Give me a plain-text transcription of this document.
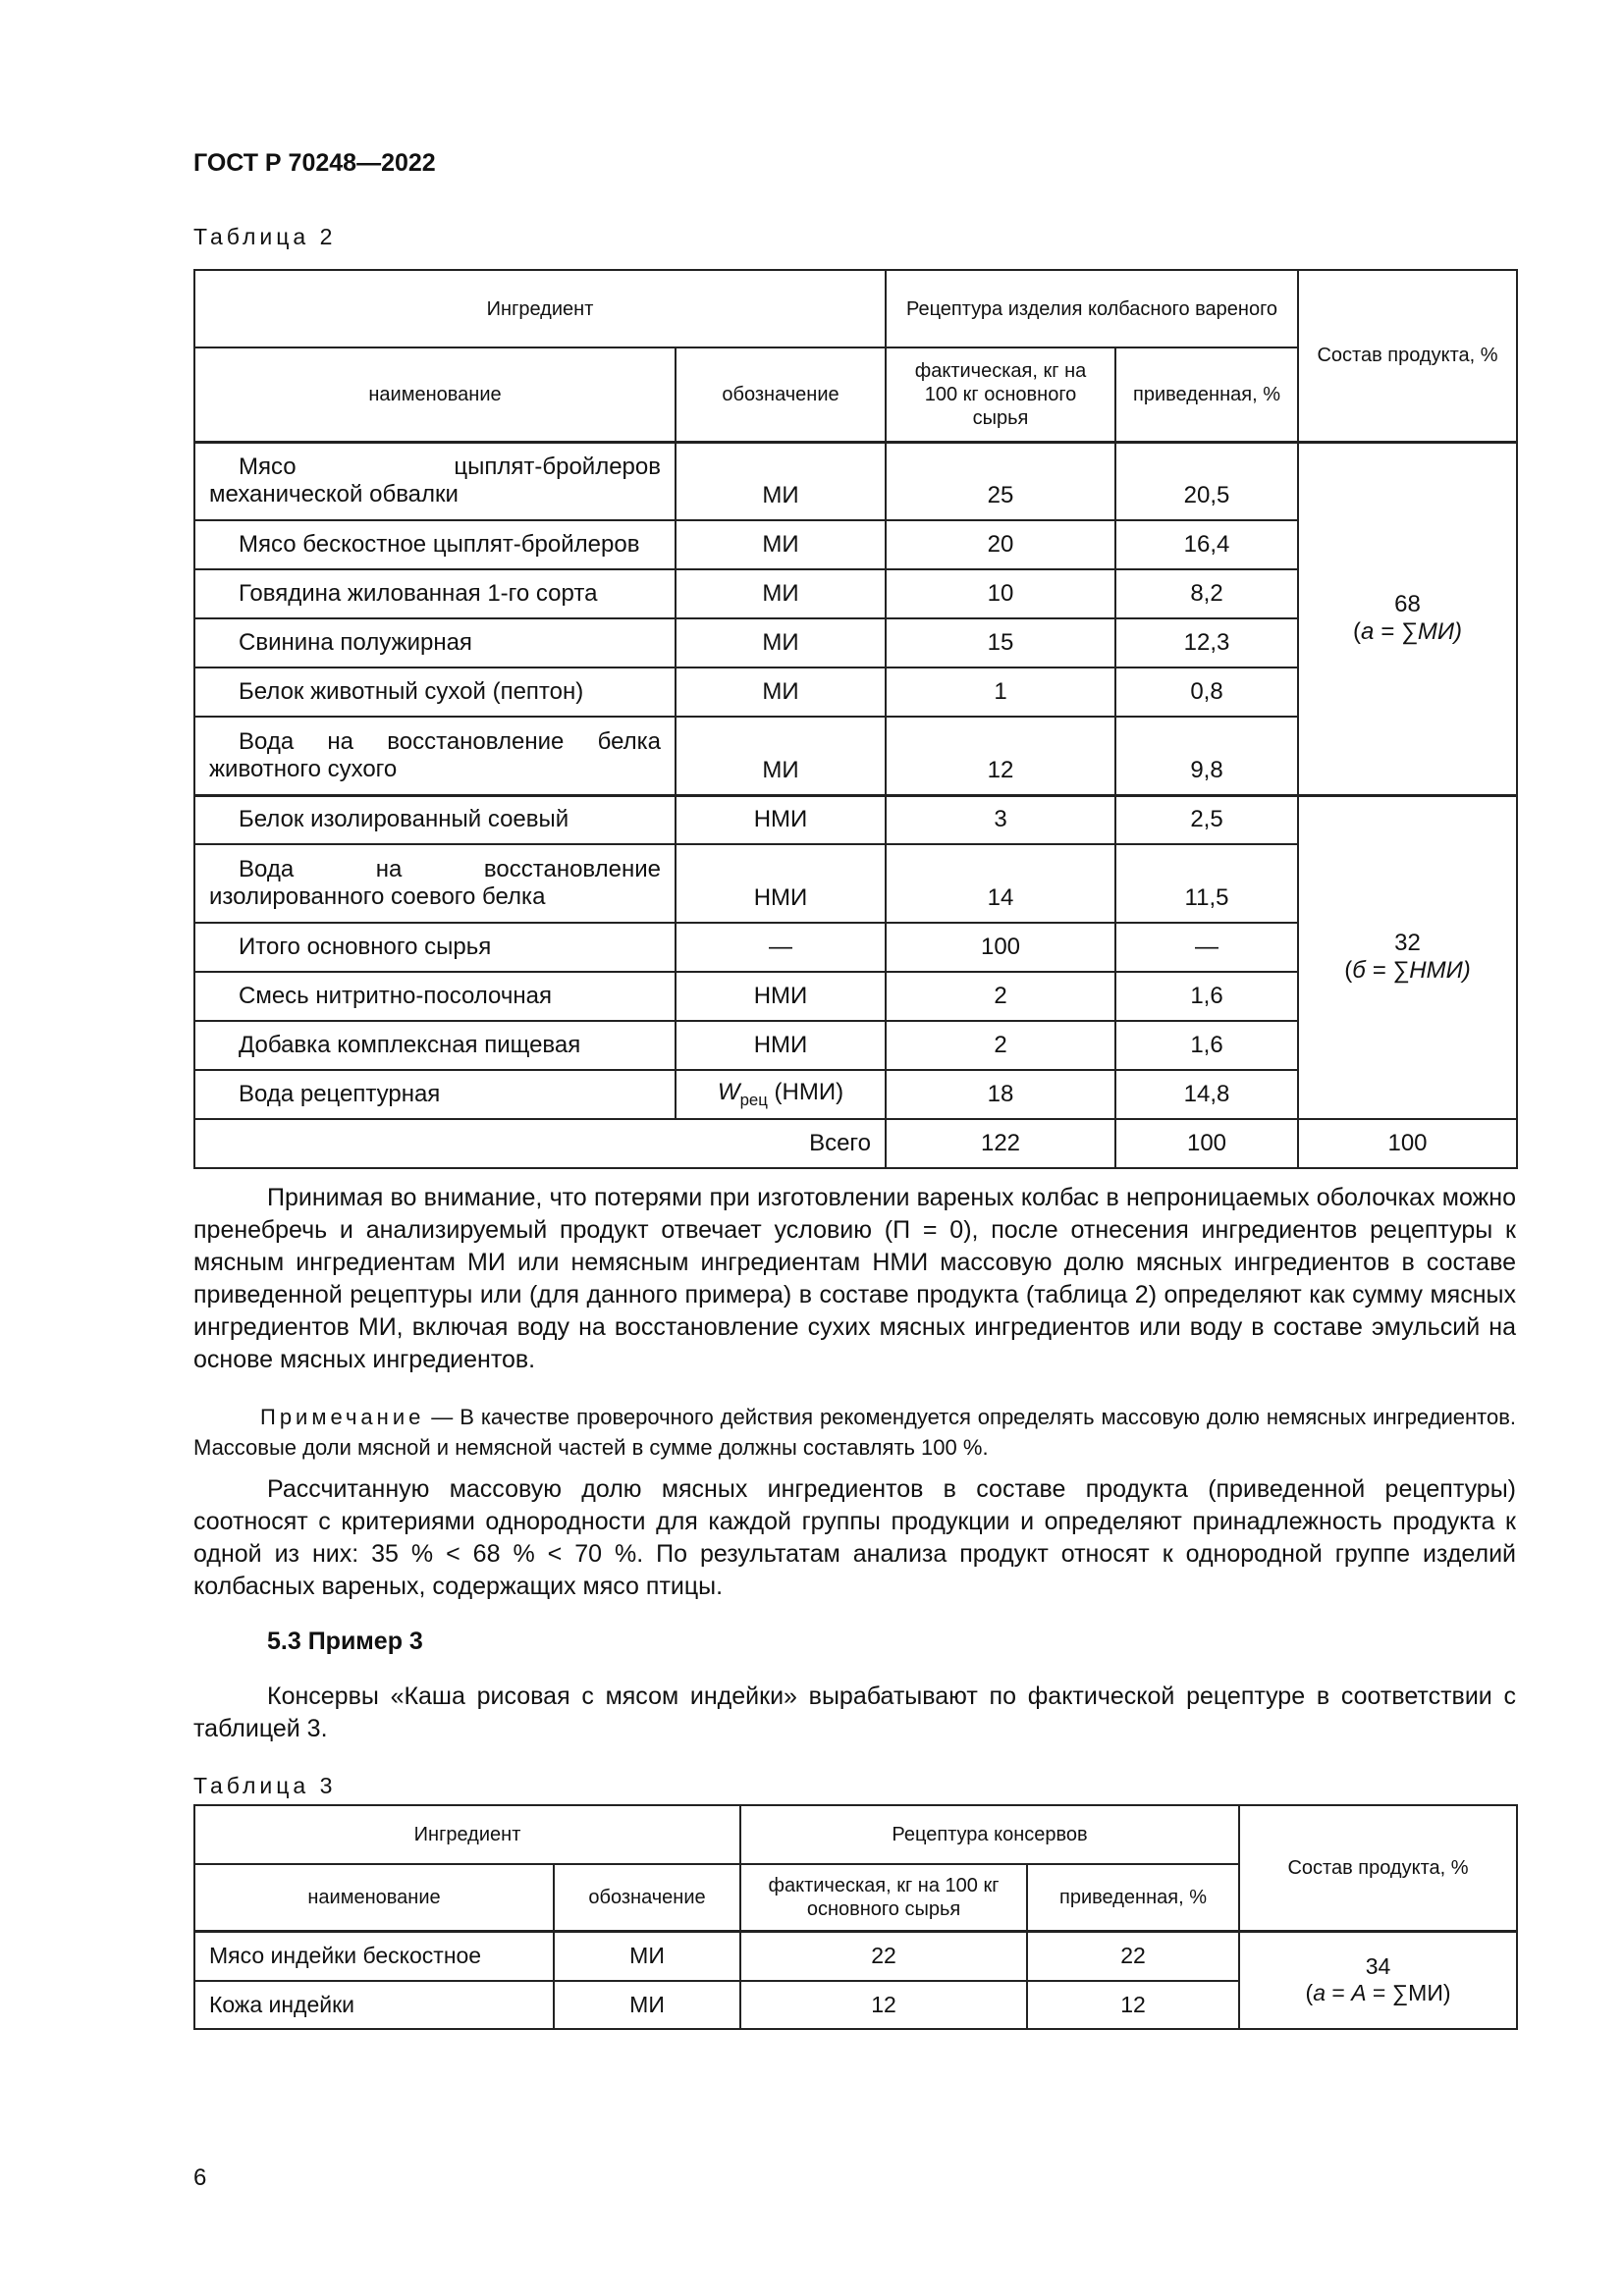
ГОСТ Р 70248—2022
Таблица 2
Ингредиент		Рецептура изделия колбасного вареного		Состав продукта, %
наименование	обозначение	фактическая, кг на 100 кг основного сырья	приведенная, %	
Мясо цыплят-бройлеров механической обвалки	МИ	25	20,5	68
(а = ∑МИ)

Мясо бескостное цыплят-бройлеров	МИ	20	16,4	
Говядина жилованная 1-го сорта	МИ	10	8,2	
Свинина полужирная	МИ	15	12,3	
Белок животный сухой (пептон)	МИ	1	0,8	
Вода на восстановление белка животного сухого	МИ	12	9,8	
Белок изолированный соевый	НМИ	3	2,5	32
(б = ∑НМИ)

Вода на восстановление изолированного соевого белка	НМИ	14	11,5	
Итого основного сырья	—	100	—	
Смесь нитритно-посолочная	НМИ	2	1,6	
Добавка комплексная пищевая	НМИ	2	1,6	
Вода рецептурная	$W_{рец}$ (НМИ)	18	14,8	
Всего		122	100	100

Принимая во внимание, что потерями при изготовлении вареных колбас в непроницаемых оболочках можно пренебречь и анализируемый продукт отвечает условию (П = 0), после отнесения ингредиентов рецептуры к мясным ингредиентам МИ или немясным ингредиентам НМИ массовую долю мясных ингредиентов в составе приведенной рецептуры или (для данного примера) в составе продукта (таблица 2) определяют как сумму мясных ингредиентов МИ, включая воду на восстановление сухих мясных ингредиентов или воду в составе эмульсий на основе мясных ингредиентов.

Примечание — В качестве проверочного действия рекомендуется определять массовую долю немясных ингредиентов. Массовые доли мясной и немясной частей в сумме должны составлять 100 %.

Рассчитанную массовую долю мясных ингредиентов в составе продукта (приведенной рецептуры) соотносят с критериями однородности для каждой группы продукции и определяют принадлежность продукта к одной из них: 35 % < 68 % < 70 %. По результатам анализа продукт относят к однородной группе изделий колбасных вареных, содержащих мясо птицы.

5.3 Пример 3

Консервы «Каша рисовая с мясом индейки» вырабатывают по фактической рецептуре в соответствии с таблицей 3.

Таблица 3
Ингредиент		Рецептура консервов		Состав продукта, %
наименование	обозначение	фактическая, кг на 100 кг основного сырья	приведенная, %	
Мясо индейки бескостное	МИ	22	22	34
(а = А = ∑МИ)

Кожа индейки	МИ	12	12	
6
